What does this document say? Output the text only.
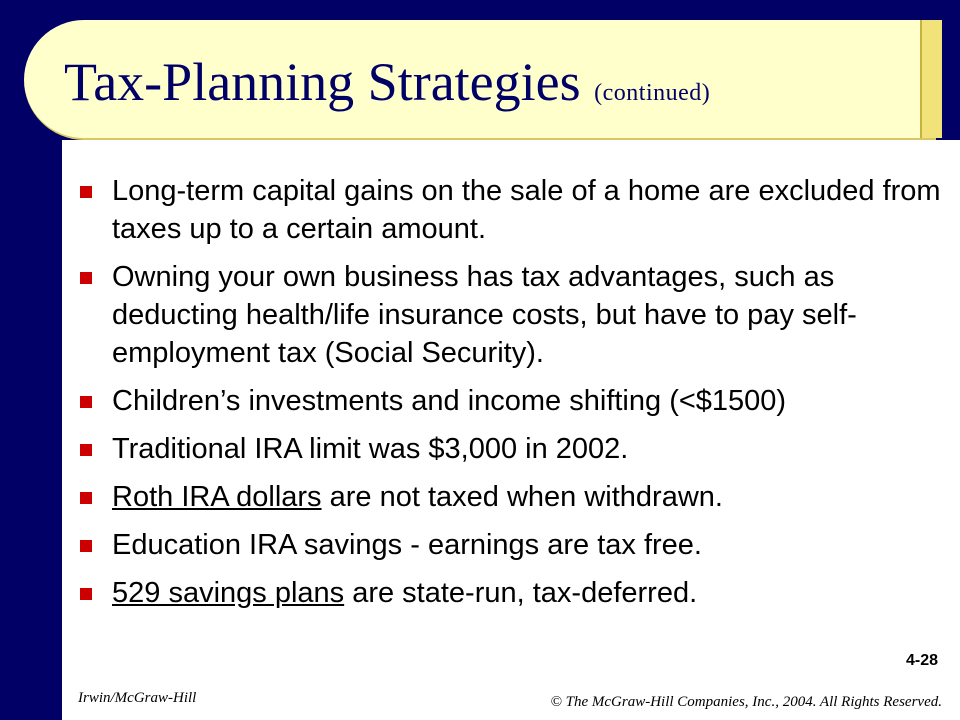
Tax-Planning Strategies (continued)
Long-term capital gains on the sale of a home are excluded from taxes up to a certain amount.
Owning your own business has tax advantages, such as deducting health/life insurance costs, but have to pay self-employment tax (Social Security).
Children’s investments and income shifting (<$1500)
Traditional IRA limit was $3,000 in 2002.
Roth IRA dollars are not taxed when withdrawn.
Education IRA savings - earnings are tax free.
529 savings plans are state-run, tax-deferred.
4-28
Irwin/McGraw-Hill	© The McGraw-Hill Companies, Inc., 2004. All Rights Reserved.
